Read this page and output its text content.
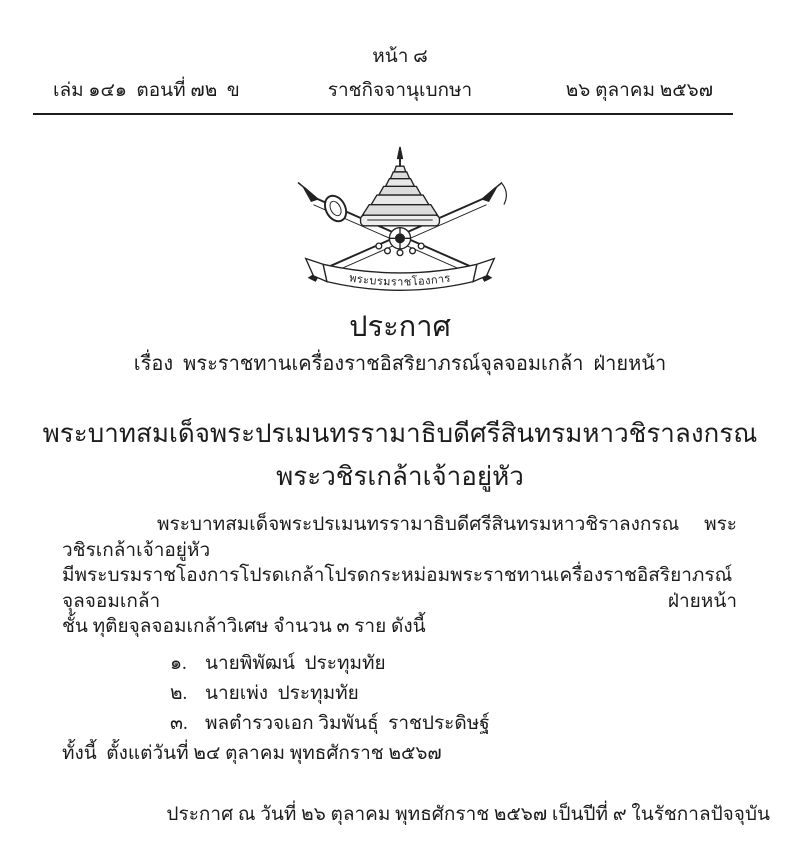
หน้า ๘
เล่ม ๑๔๑  ตอนที่ ๗๒  ข	ราชกิจจานุเบกษา	๒๖ ตุลาคม ๒๕๖๗
พระบรมราชโองการ
ประกาศ
เรื่อง  พระราชทานเครื่องราชอิสริยาภรณ์จุลจอมเกล้า  ฝ่ายหน้า
พระบาทสมเด็จพระปรเมนทรรามาธิบดีศรีสินทรมหาวชิราลงกรณ
พระวชิรเกล้าเจ้าอยู่หัว
พระบาทสมเด็จพระปรเมนทรรามาธิบดีศรีสินทรมหาวชิราลงกรณ พระวชิรเกล้าเจ้าอยู่หัว
มีพระบรมราชโองการโปรดเกล้าโปรดกระหม่อมพระราชทานเครื่องราชอิสริยาภรณ์จุลจอมเกล้า ฝ่ายหน้า
ชั้น ทุติยจุลจอมเกล้าวิเศษ จำนวน ๓ ราย ดังนี้
๑. นายพิพัฒน์  ประทุมทัย
๒. นายเพ่ง  ประทุมทัย
๓. พลตำรวจเอก วิมพันธุ์  ราชประดิษฐ์
ทั้งนี้  ตั้งแต่วันที่ ๒๔ ตุลาคม พุทธศักราช ๒๕๖๗
ประกาศ ณ วันที่ ๒๖ ตุลาคม พุทธศักราช ๒๕๖๗ เป็นปีที่ ๙ ในรัชกาลปัจจุบัน
